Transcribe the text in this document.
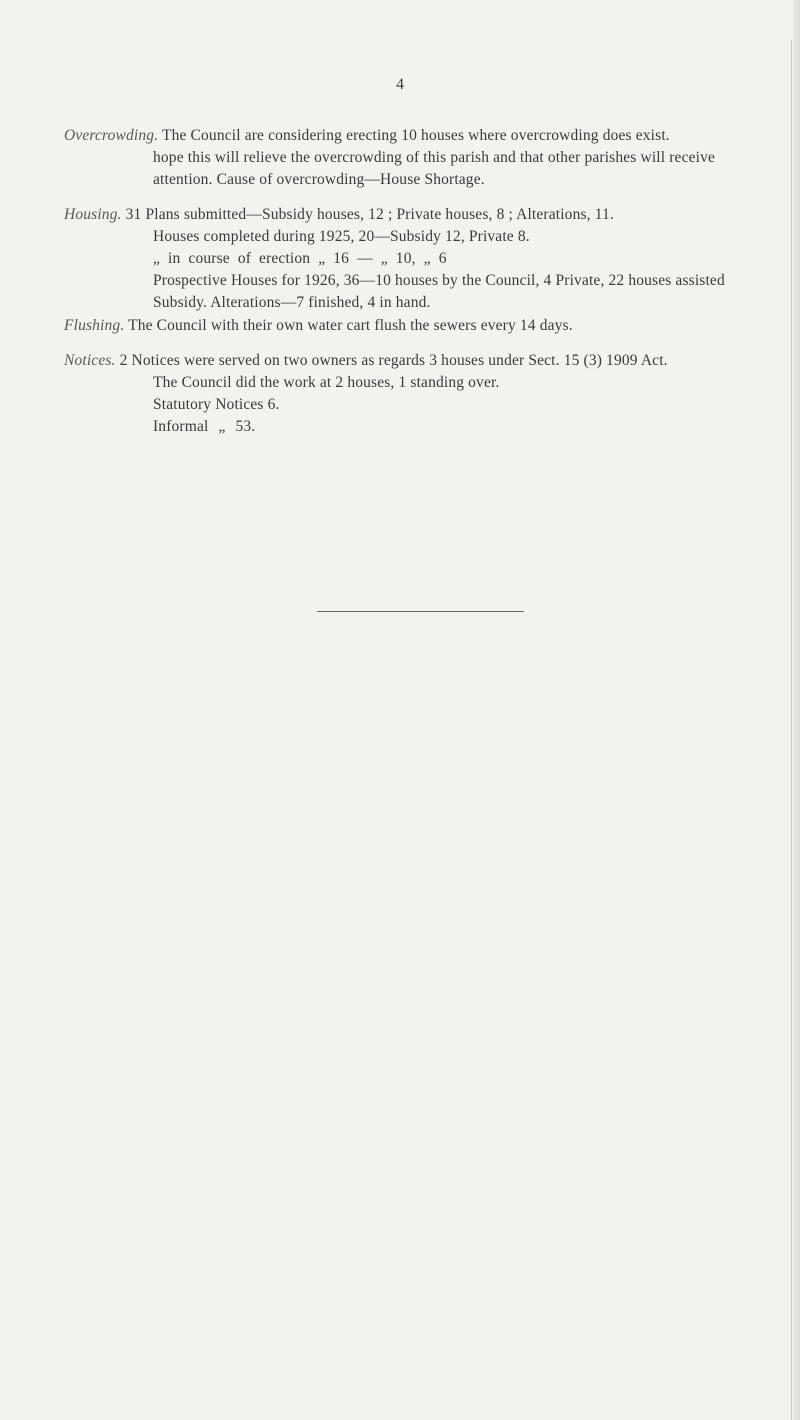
4
Overcrowding. The Council are considering erecting 10 houses where overcrowding does exist.
hope this will relieve the overcrowding of this parish and that other parishes will receive
attention. Cause of overcrowding—House Shortage.
Housing. 31 Plans submitted—Subsidy houses, 12 ; Private houses, 8 ; Alterations, 11.
Houses completed during 1925, 20—Subsidy 12, Private 8.
„ in course of erection „ 16 — „ 10, „ 6
Prospective Houses for 1926, 36—10 houses by the Council, 4 Private, 22 houses assisted
Subsidy. Alterations—7 finished, 4 in hand.
Flushing. The Council with their own water cart flush the sewers every 14 days.
Notices. 2 Notices were served on two owners as regards 3 houses under Sect. 15 (3) 1909 Act.
The Council did the work at 2 houses, 1 standing over.
Statutory Notices 6.
Informal „ 53.
